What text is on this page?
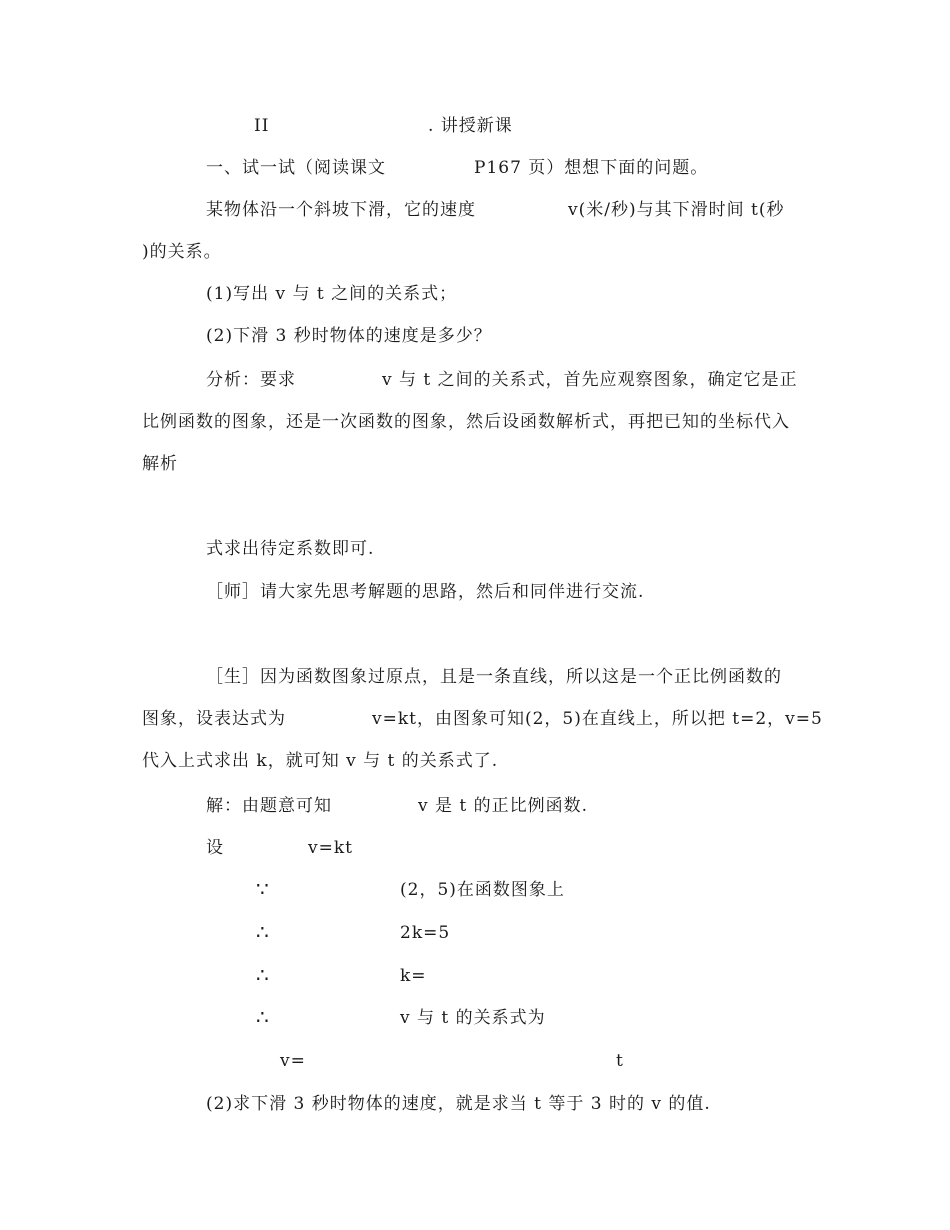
II	. 讲授新课
一、试一试（阅读课文	P167 页）想想下面的问题。
某物体沿一个斜坡下滑，它的速度	v(米/秒)与其下滑时间 t(秒
)的关系。
(1)写出 v 与 t 之间的关系式；
(2)下滑 3 秒时物体的速度是多少？
分析：要求	v 与 t 之间的关系式，首先应观察图象，确定它是正
比例函数的图象，还是一次函数的图象，然后设函数解析式，再把已知的坐标代入
解析
式求出待定系数即可.
［师］请大家先思考解题的思路，然后和同伴进行交流.
［生］因为函数图象过原点，且是一条直线，所以这是一个正比例函数的
图象，设表达式为	v=kt，由图象可知(2，5)在直线上，所以把 t=2，v=5
代入上式求出 k，就可知 v 与 t 的关系式了.
解：由题意可知	v 是 t 的正比例函数.
设	v=kt
∵	(2，5)在函数图象上
∴	2k=5
∴	k=
∴	v 与 t 的关系式为
v=	t
(2)求下滑 3 秒时物体的速度，就是求当 t 等于 3 时的 v 的值.
